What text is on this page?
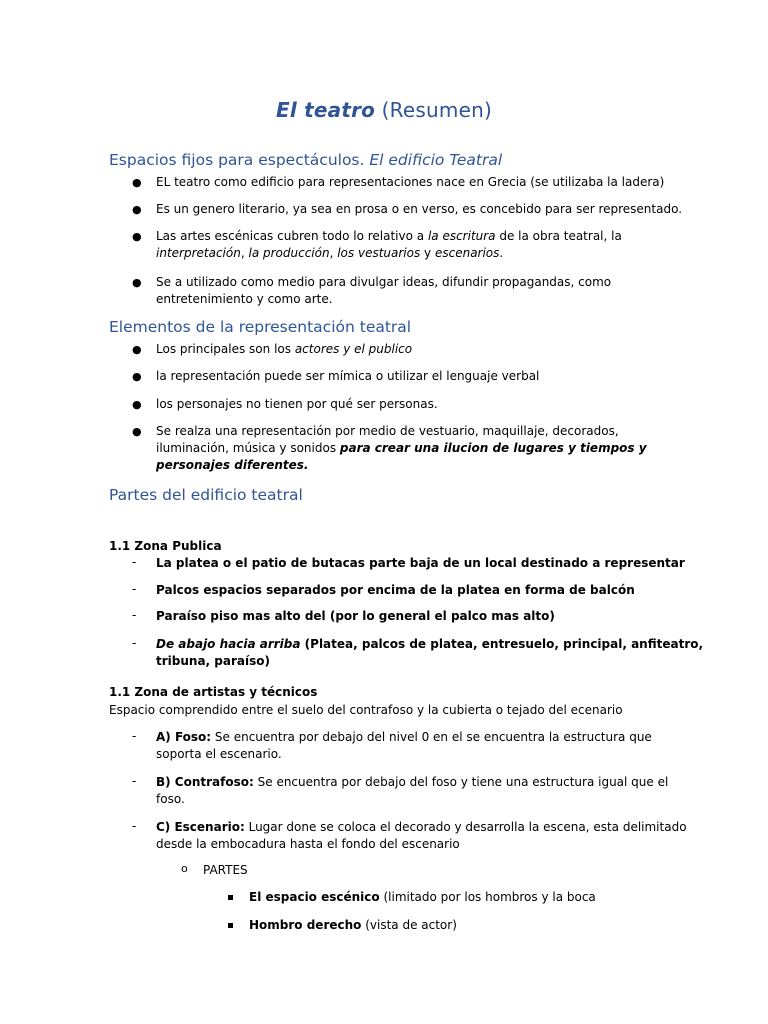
El teatro (Resumen)
Espacios fijos para espectáculos. El edificio Teatral
● EL teatro como edificio para representaciones nace en Grecia (se utilizaba la ladera)
● Es un genero literario, ya sea en prosa o en verso, es concebido para ser representado.
● Las artes escénicas cubren todo lo relativo a la escritura de la obra teatral, la
interpretación, la producción, los vestuarios y escenarios.
● Se a utilizado como medio para divulgar ideas, difundir propagandas, como
entretenimiento y como arte.
Elementos de la representación teatral
● Los principales son los actores y el publico
● la representación puede ser mímica o utilizar el lenguaje verbal
● los personajes no tienen por qué ser personas.
● Se realza una representación por medio de vestuario, maquillaje, decorados,
iluminación, música y sonidos para crear una ilucion de lugares y tiempos y
personajes diferentes.
Partes del edificio teatral
1.1 Zona Publica
- La platea o el patio de butacas parte baja de un local destinado a representar
- Palcos espacios separados por encima de la platea en forma de balcón
- Paraíso piso mas alto del (por lo general el palco mas alto)
- De abajo hacia arriba (Platea, palcos de platea, entresuelo, principal, anfiteatro,
tribuna, paraíso)
1.1 Zona de artistas y técnicos
Espacio comprendido entre el suelo del contrafoso y la cubierta o tejado del ecenario
- A) Foso: Se encuentra por debajo del nivel 0 en el se encuentra la estructura que
soporta el escenario.
- B) Contrafoso: Se encuentra por debajo del foso y tiene una estructura igual que el
foso.
- C) Escenario: Lugar done se coloca el decorado y desarrolla la escena, esta delimitado
desde la embocadura hasta el fondo del escenario
o PARTES
El espacio escénico (limitado por los hombros y la boca
Hombro derecho (vista de actor)
